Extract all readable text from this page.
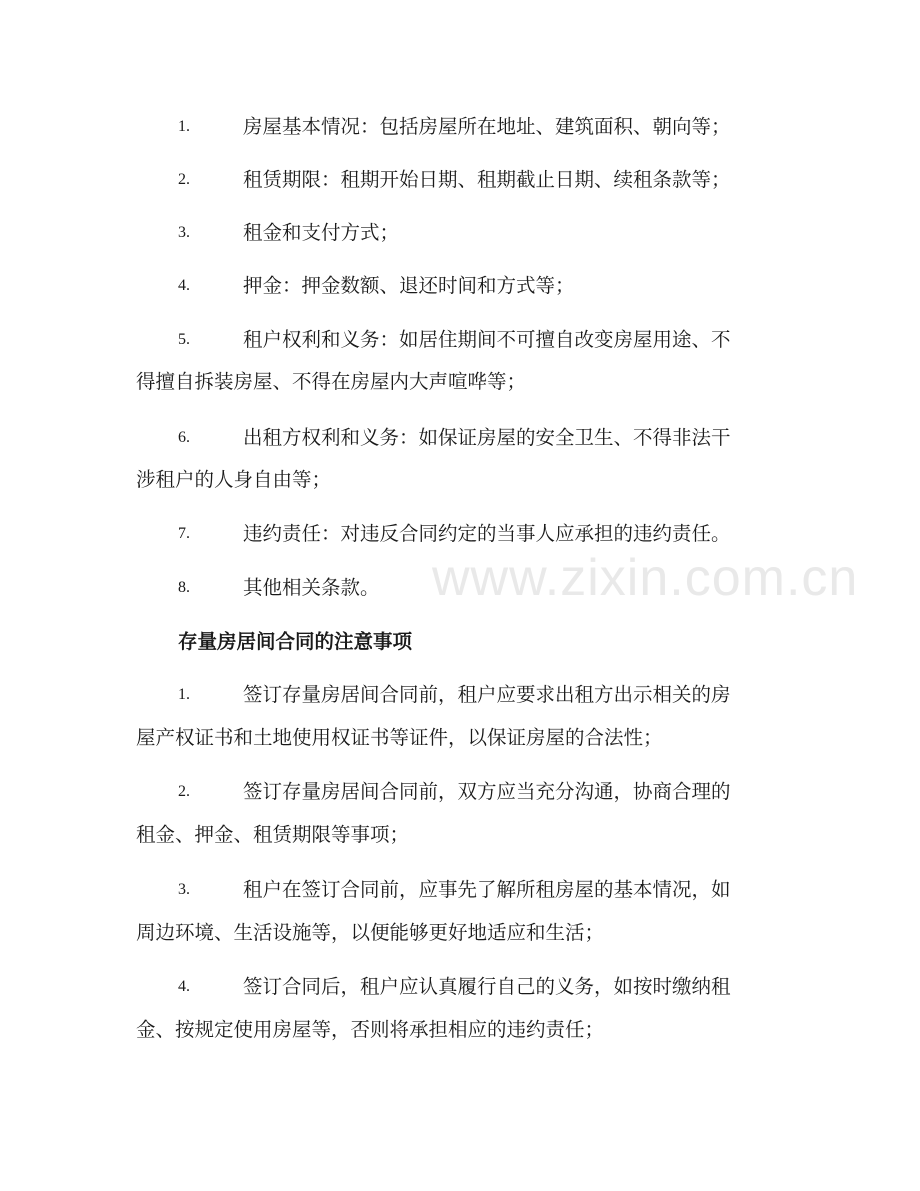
www.zixin.com.cn
1.	房屋基本情况：包括房屋所在地址、建筑面积、朝向等；
2.	租赁期限：租期开始日期、租期截止日期、续租条款等；
3.	租金和支付方式；
4.	押金：押金数额、退还时间和方式等；
5.	租户权利和义务：如居住期间不可擅自改变房屋用途、不
得擅自拆装房屋、不得在房屋内大声喧哗等；
6.	出租方权利和义务：如保证房屋的安全卫生、不得非法干
涉租户的人身自由等；
7.	违约责任：对违反合同约定的当事人应承担的违约责任。
8.	其他相关条款。
存量房居间合同的注意事项
1.	签订存量房居间合同前，租户应要求出租方出示相关的房
屋产权证书和土地使用权证书等证件，以保证房屋的合法性；
2.	签订存量房居间合同前，双方应当充分沟通，协商合理的
租金、押金、租赁期限等事项；
3.	租户在签订合同前，应事先了解所租房屋的基本情况，如
周边环境、生活设施等，以便能够更好地适应和生活；
4.	签订合同后，租户应认真履行自己的义务，如按时缴纳租
金、按规定使用房屋等，否则将承担相应的违约责任；
